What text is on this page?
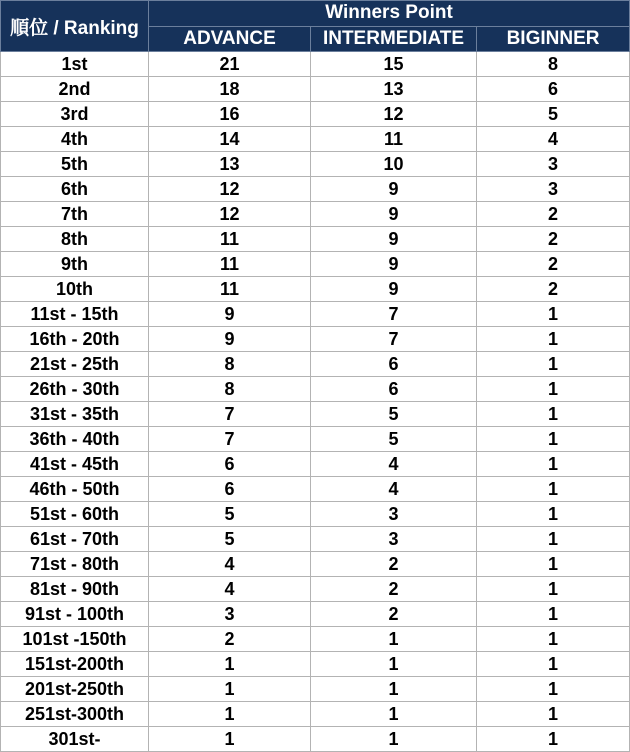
順位 / Ranking	Winners Point		
	ADVANCE	INTERMEDIATE	BIGINNER
1st	21	15	8
2nd	18	13	6
3rd	16	12	5
4th	14	11	4
5th	13	10	3
6th	12	9	3
7th	12	9	2
8th	11	9	2
9th	11	9	2
10th	11	9	2
11st - 15th	9	7	1
16th - 20th	9	7	1
21st - 25th	8	6	1
26th - 30th	8	6	1
31st - 35th	7	5	1
36th - 40th	7	5	1
41st - 45th	6	4	1
46th - 50th	6	4	1
51st - 60th	5	3	1
61st - 70th	5	3	1
71st - 80th	4	2	1
81st - 90th	4	2	1
91st - 100th	3	2	1
101st -150th	2	1	1
151st-200th	1	1	1
201st-250th	1	1	1
251st-300th	1	1	1
301st-	1	1	1
